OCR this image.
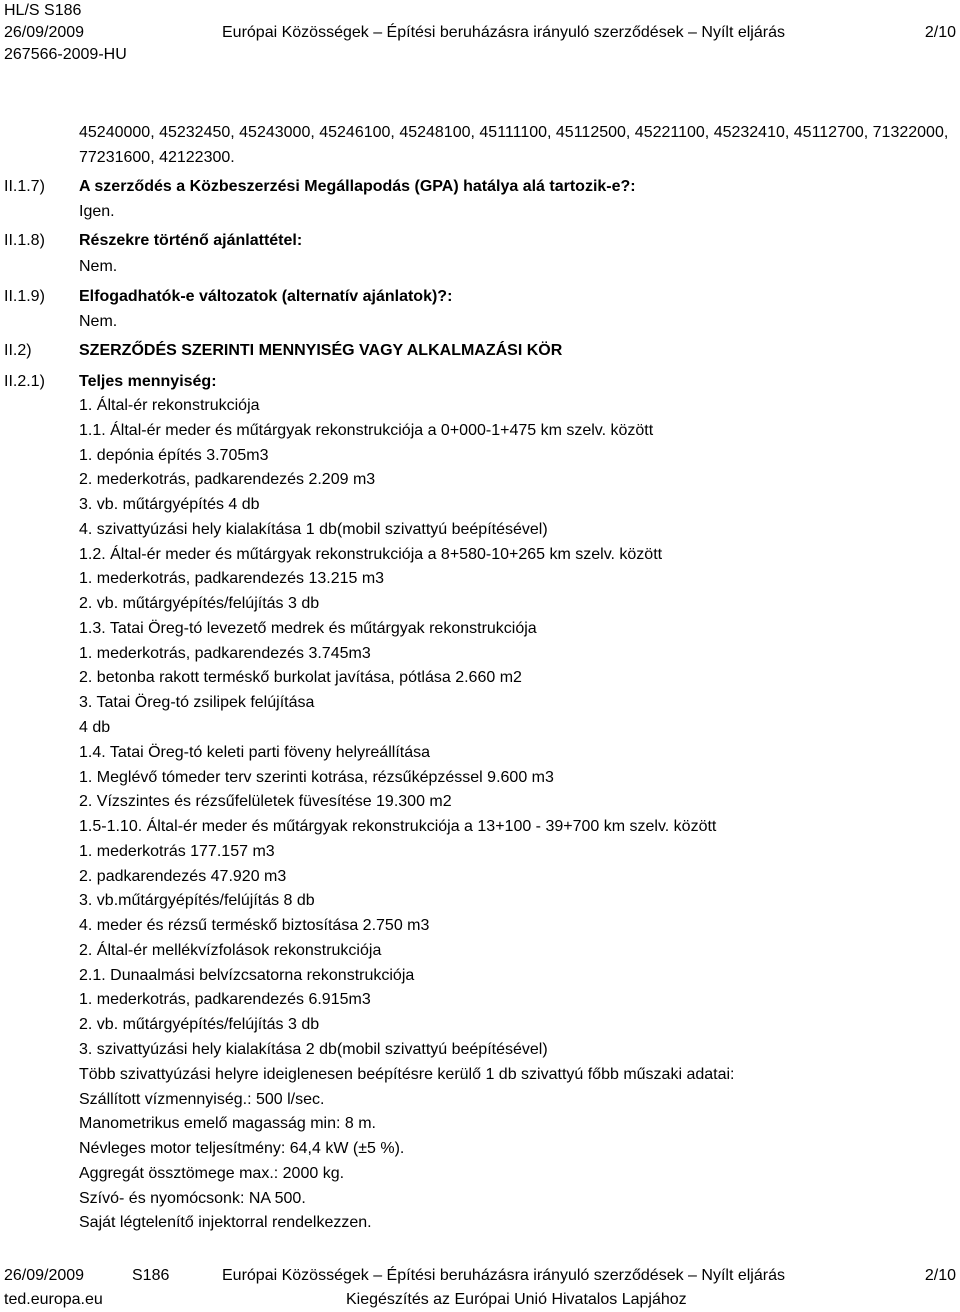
HL/S S186
26/09/2009	Európai Közösségek – Építési beruházásra irányuló szerződések – Nyílt eljárás	2/10
267566-2009-HU
45240000, 45232450, 45243000, 45246100, 45248100, 45111100, 45112500, 45221100, 45232410, 45112700, 71322000, 77231600, 42122300.
II.1.7) A szerződés a Közbeszerzési Megállapodás (GPA) hatálya alá tartozik-e?:
Igen.
II.1.8) Részekre történő ajánlattétel:
Nem.
II.1.9) Elfogadhatók-e változatok (alternatív ajánlatok)?:
Nem.
II.2)	SZERZŐDÉS SZERINTI MENNYISÉG VAGY ALKALMAZÁSI KÖR
II.2.1) Teljes mennyiség:
1. Által-ér rekonstrukciója
1.1. Által-ér meder és műtárgyak rekonstrukciója a 0+000-1+475 km szelv. között
1. depónia építés 3.705m3
2. mederkotrás, padkarendezés 2.209 m3
3. vb. műtárgyépítés 4 db
4. szivattyúzási hely kialakítása 1 db(mobil szivattyú beépítésével)
1.2. Által-ér meder és műtárgyak rekonstrukciója a 8+580-10+265 km szelv. között
1. mederkotrás, padkarendezés 13.215 m3
2. vb. műtárgyépítés/felújítás 3 db
1.3. Tatai Öreg-tó levezető medrek és műtárgyak rekonstrukciója
1. mederkotrás, padkarendezés 3.745m3
2. betonba rakott terméskő burkolat javítása, pótlása 2.660 m2
3. Tatai Öreg-tó zsilipek felújítása
4 db
1.4. Tatai Öreg-tó keleti parti föveny helyreállítása
1. Meglévő tómeder terv szerinti kotrása, rézsűképzéssel 9.600 m3
2. Vízszintes és rézsűfelületek füvesítése 19.300 m2
1.5-1.10. Által-ér meder és műtárgyak rekonstrukciója a 13+100 - 39+700 km szelv. között
1. mederkotrás 177.157 m3
2. padkarendezés 47.920 m3
3. vb.műtárgyépítés/felújítás 8 db
4. meder és rézsű terméskő biztosítása 2.750 m3
2. Által-ér mellékvízfolások rekonstrukciója
2.1. Dunaalmási belvízcsatorna rekonstrukciója
1. mederkotrás, padkarendezés 6.915m3
2. vb. műtárgyépítés/felújítás 3 db
3. szivattyúzási hely kialakítása 2 db(mobil szivattyú beépítésével)
Több szivattyúzási helyre ideiglenesen beépítésre kerülő 1 db szivattyú főbb műszaki adatai:
Szállított vízmennyiség.: 500 l/sec.
Manometrikus emelő magasság min: 8 m.
Névleges motor teljesítmény: 64,4 kW (±5 %).
Aggregát össztömege max.: 2000 kg.
Szívó- és nyomócsonk: NA 500.
Saját légtelenítő injektorral rendelkezzen.
26/09/2009	S186	Európai Közösségek – Építési beruházásra irányuló szerződések – Nyílt eljárás	2/10
ted.europa.eu	Kiegészítés az Európai Unió Hivatalos Lapjához
